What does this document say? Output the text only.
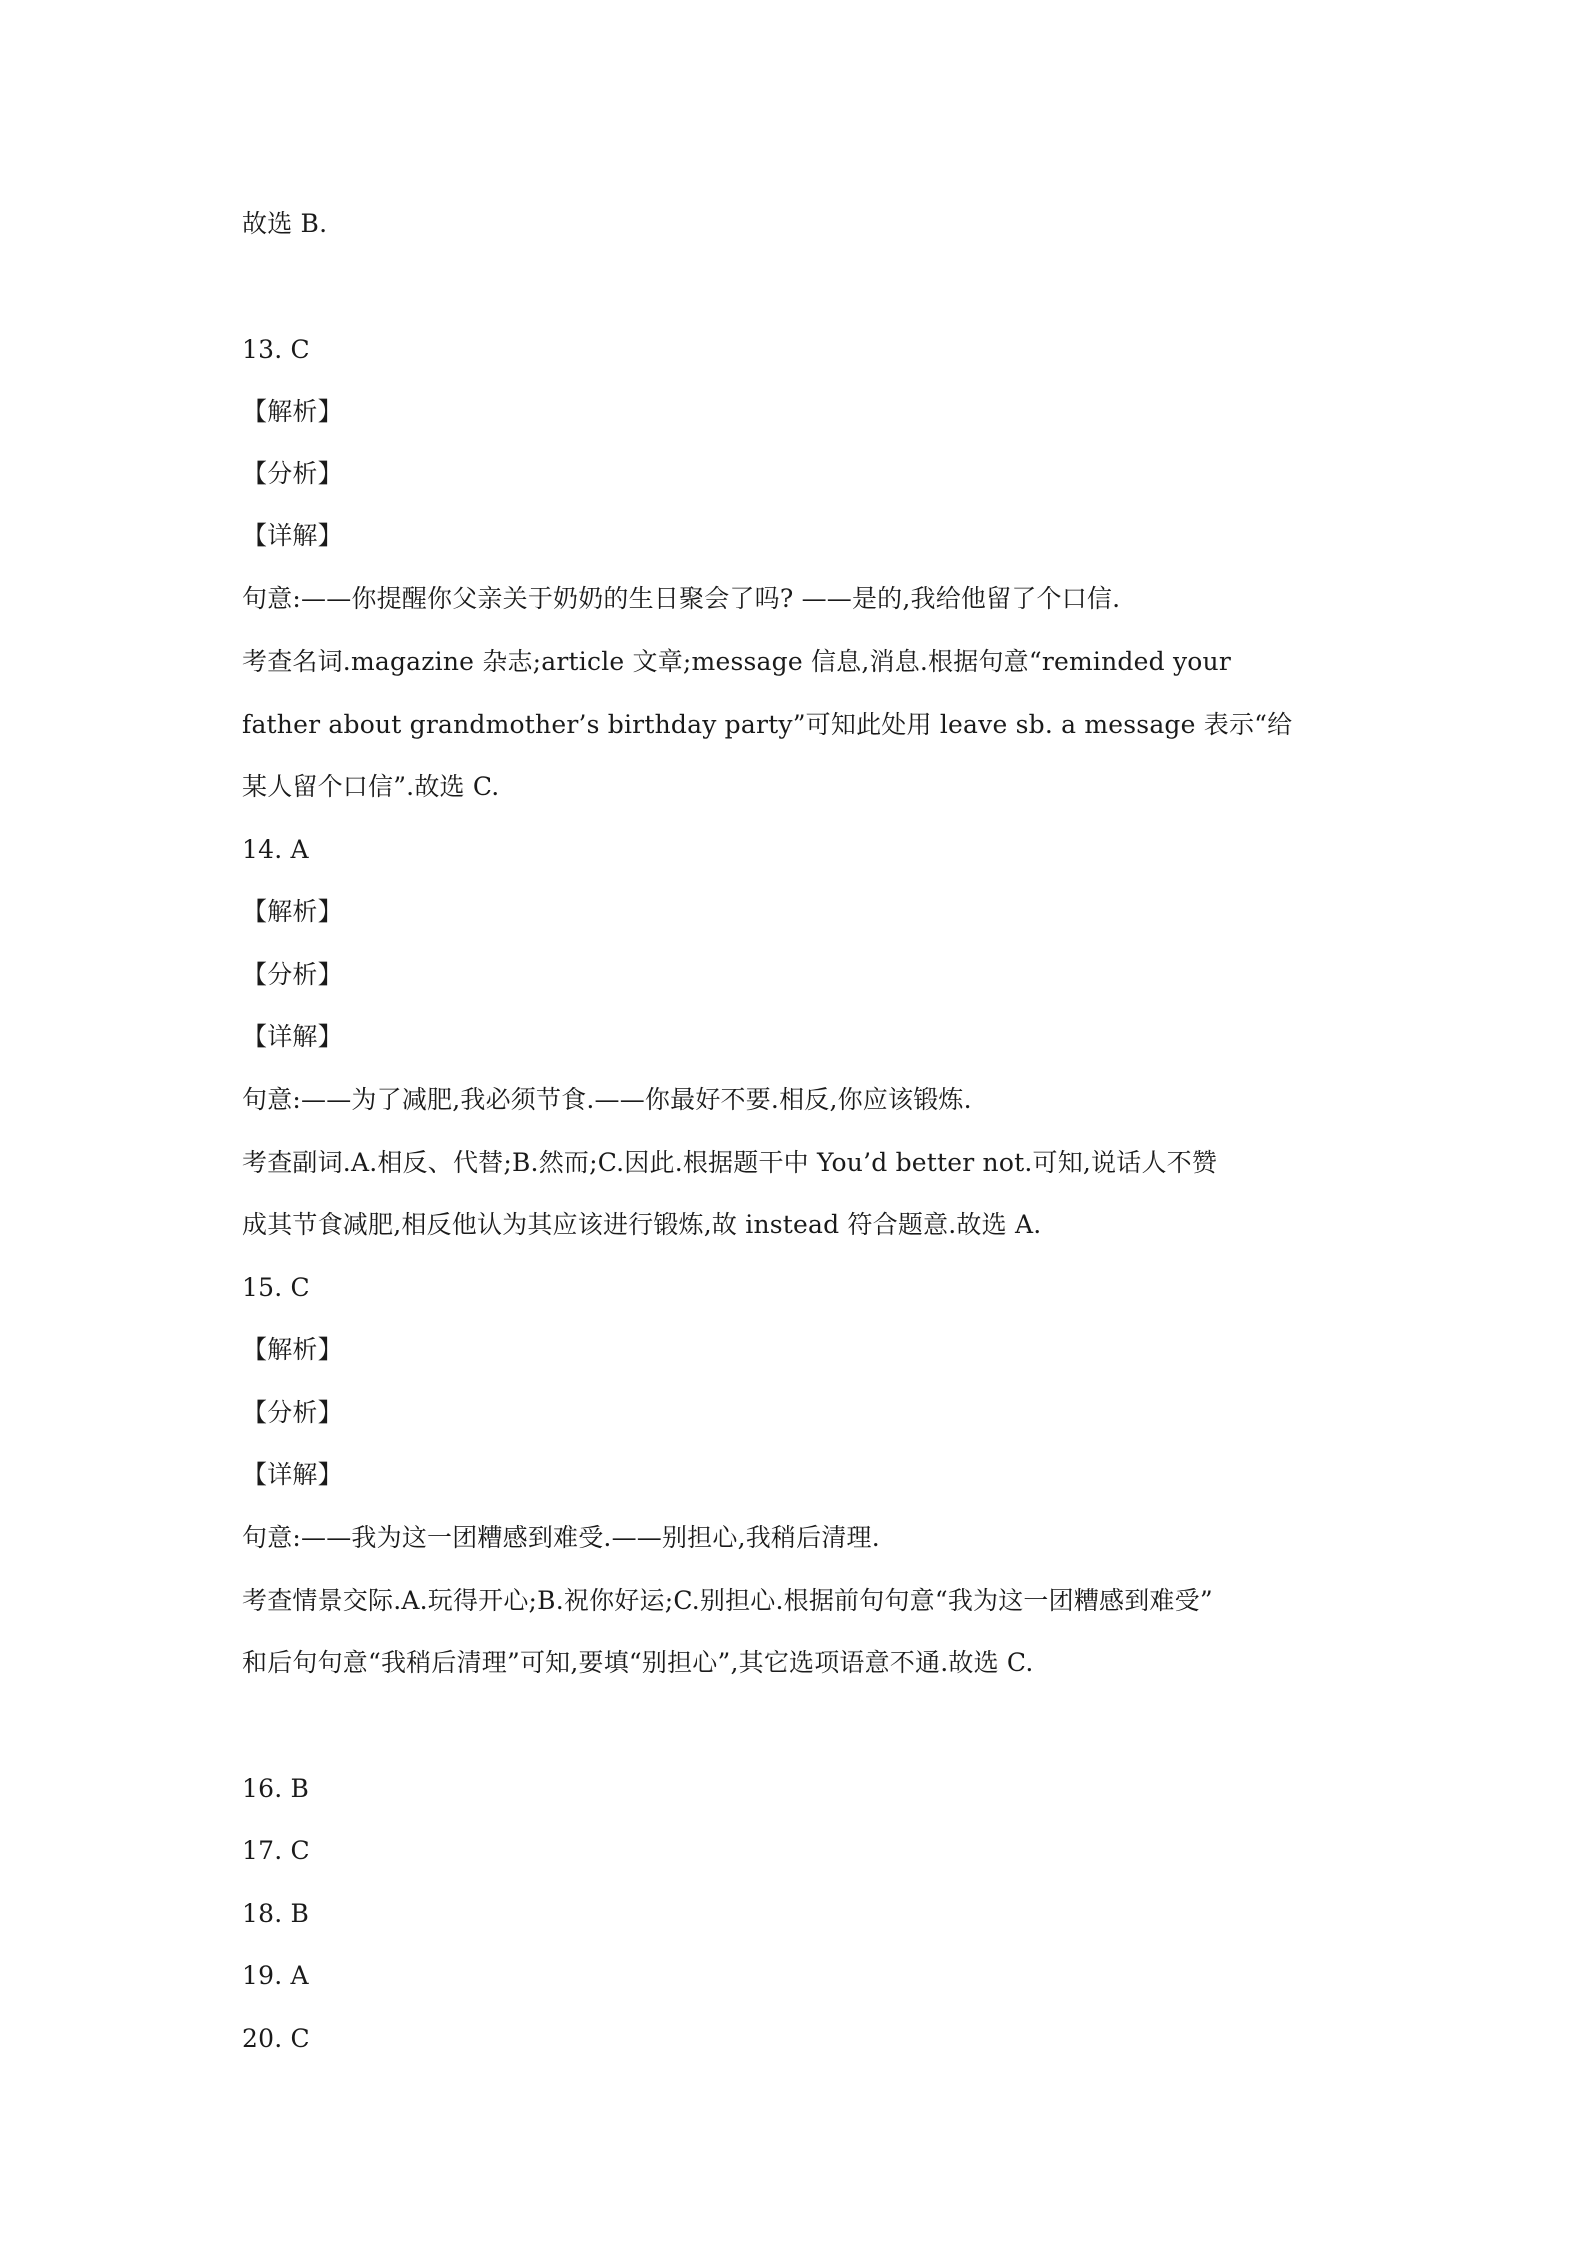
故选 B.
13. C
【解析】
【分析】
【详解】
句意:——你提醒你父亲关于奶奶的生日聚会了吗? ——是的,我给他留了个口信.
考查名词.magazine 杂志;article 文章;message 信息,消息.根据句意“reminded your
father about grandmother’s birthday party”可知此处用 leave sb. a message 表示“给
某人留个口信”.故选 C.
14. A
【解析】
【分析】
【详解】
句意:——为了减肥,我必须节食.——你最好不要.相反,你应该锻炼.
考查副词.A.相反、代替;B.然而;C.因此.根据题干中 You’d better not.可知,说话人不赞
成其节食减肥,相反他认为其应该进行锻炼,故 instead 符合题意.故选 A.
15. C
【解析】
【分析】
【详解】
句意:——我为这一团糟感到难受.——别担心,我稍后清理.
考查情景交际.A.玩得开心;B.祝你好运;C.别担心.根据前句句意“我为这一团糟感到难受”
和后句句意“我稍后清理”可知,要填“别担心”,其它选项语意不通.故选 C.
16. B
17. C
18. B
19. A
20. C
